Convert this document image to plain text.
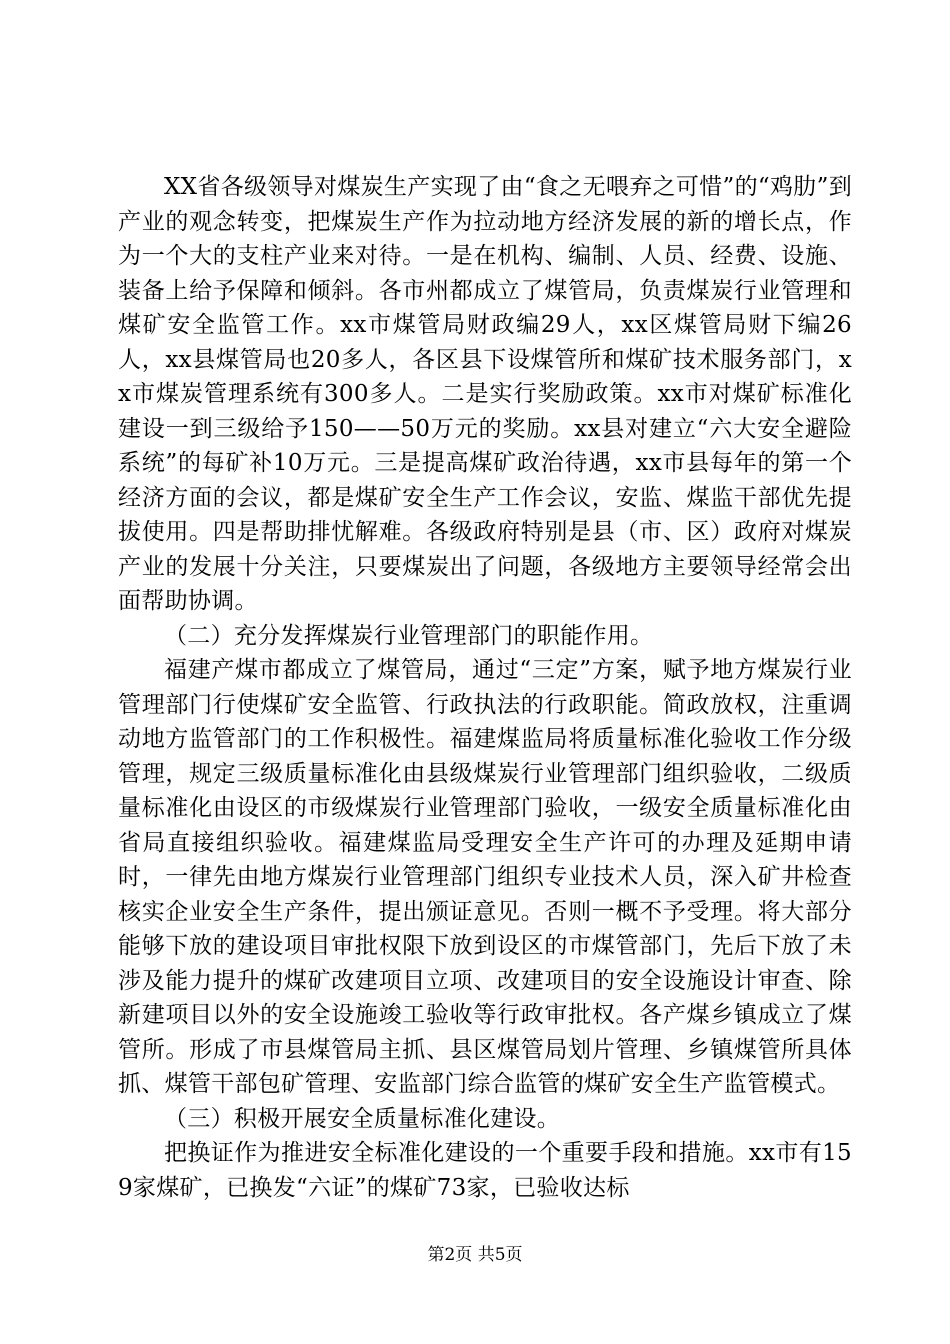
XX省各级领导对煤炭生产实现了由“食之无喂弃之可惜”的“鸡肋”到产业的观念转变，把煤炭生产作为拉动地方经济发展的新的增长点，作为一个大的支柱产业来对待。一是在机构、编制、人员、经费、设施、装备上给予保障和倾斜。各市州都成立了煤管局，负责煤炭行业管理和煤矿安全监管工作。xx市煤管局财政编29人，xx区煤管局财下编26人，xx县煤管局也20多人，各区县下设煤管所和煤矿技术服务部门，xx市煤炭管理系统有300多人。二是实行奖励政策。xx市对煤矿标准化建设一到三级给予150——50万元的奖励。xx县对建立“六大安全避险系统”的每矿补10万元。三是提高煤矿政治待遇，xx市县每年的第一个经济方面的会议，都是煤矿安全生产工作会议，安监、煤监干部优先提拔使用。四是帮助排忧解难。各级政府特别是县（市、区）政府对煤炭产业的发展十分关注，只要煤炭出了问题，各级地方主要领导经常会出面帮助协调。

（二）充分发挥煤炭行业管理部门的职能作用。

福建产煤市都成立了煤管局，通过“三定”方案，赋予地方煤炭行业管理部门行使煤矿安全监管、行政执法的行政职能。简政放权，注重调动地方监管部门的工作积极性。福建煤监局将质量标准化验收工作分级管理，规定三级质量标准化由县级煤炭行业管理部门组织验收，二级质量标准化由设区的市级煤炭行业管理部门验收，一级安全质量标准化由省局直接组织验收。福建煤监局受理安全生产许可的办理及延期申请时，一律先由地方煤炭行业管理部门组织专业技术人员，深入矿井检查核实企业安全生产条件，提出颁证意见。否则一概不予受理。将大部分能够下放的建设项目审批权限下放到设区的市煤管部门，先后下放了未涉及能力提升的煤矿改建项目立项、改建项目的安全设施设计审查、除新建项目以外的安全设施竣工验收等行政审批权。各产煤乡镇成立了煤管所。形成了市县煤管局主抓、县区煤管局划片管理、乡镇煤管所具体抓、煤管干部包矿管理、安监部门综合监管的煤矿安全生产监管模式。

（三）积极开展安全质量标准化建设。

把换证作为推进安全标准化建设的一个重要手段和措施。xx市有159家煤矿，已换发“六证”的煤矿73家，已验收达标

第2页 共5页
